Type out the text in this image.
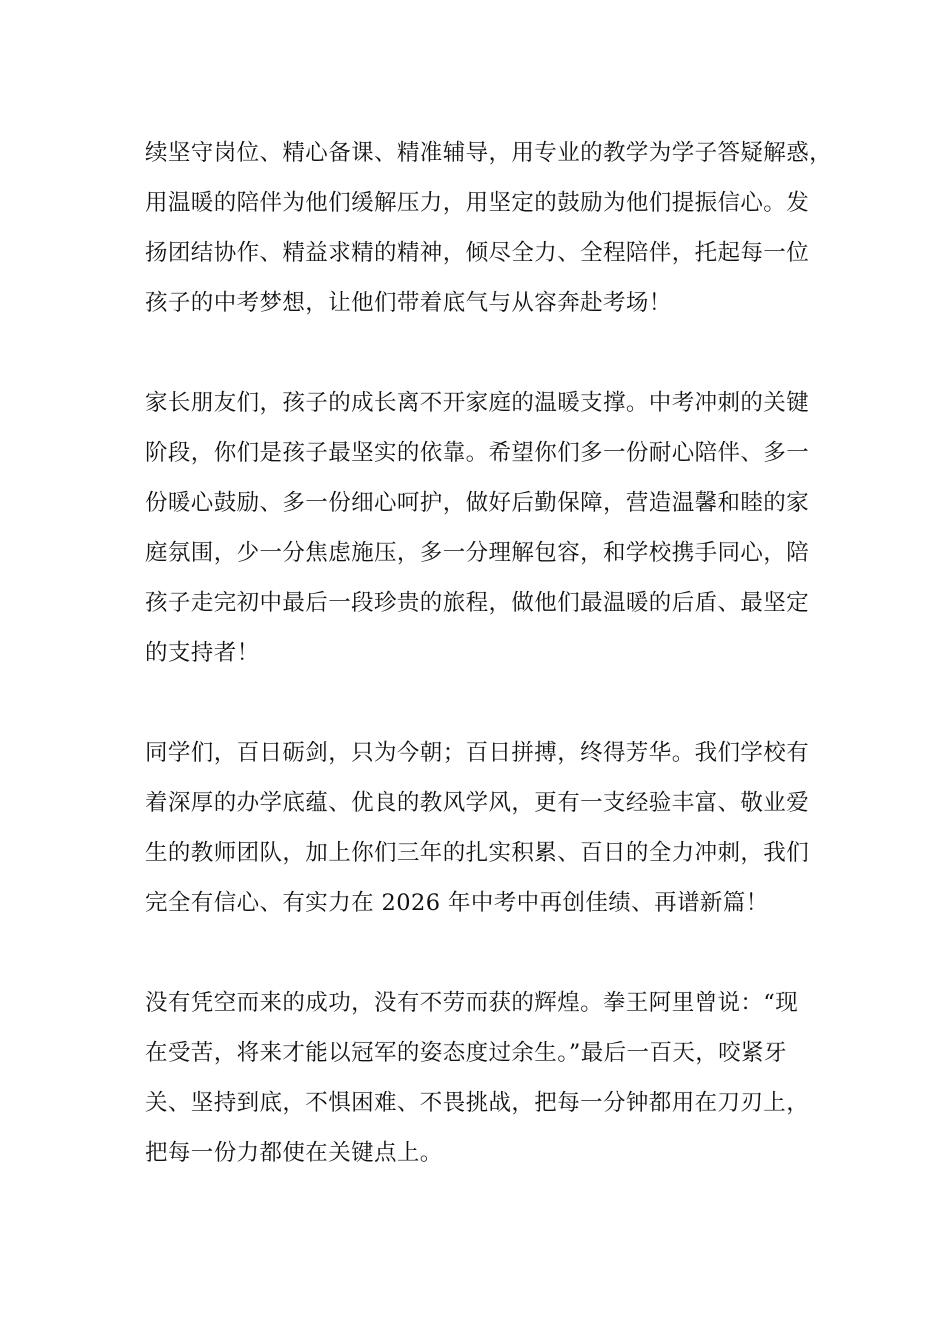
续坚守岗位、精心备课、精准辅导，用专业的教学为学子答疑解惑，
用温暖的陪伴为他们缓解压力，用坚定的鼓励为他们提振信心。发
扬团结协作、精益求精的精神，倾尽全力、全程陪伴，托起每一位
孩子的中考梦想，让他们带着底气与从容奔赴考场！
家长朋友们，孩子的成长离不开家庭的温暖支撑。中考冲刺的关键
阶段，你们是孩子最坚实的依靠。希望你们多一份耐心陪伴、多一
份暖心鼓励、多一份细心呵护，做好后勤保障，营造温馨和睦的家
庭氛围，少一分焦虑施压，多一分理解包容，和学校携手同心，陪
孩子走完初中最后一段珍贵的旅程，做他们最温暖的后盾、最坚定
的支持者！
同学们，百日砺剑，只为今朝；百日拼搏，终得芳华。我们学校有
着深厚的办学底蕴、优良的教风学风，更有一支经验丰富、敬业爱
生的教师团队，加上你们三年的扎实积累、百日的全力冲刺，我们
完全有信心、有实力在 2026 年中考中再创佳绩、再谱新篇！
没有凭空而来的成功，没有不劳而获的辉煌。拳王阿里曾说：“现
在受苦，将来才能以冠军的姿态度过余生。”最后一百天，咬紧牙
关、坚持到底，不惧困难、不畏挑战，把每一分钟都用在刀刃上，
把每一份力都使在关键点上。
